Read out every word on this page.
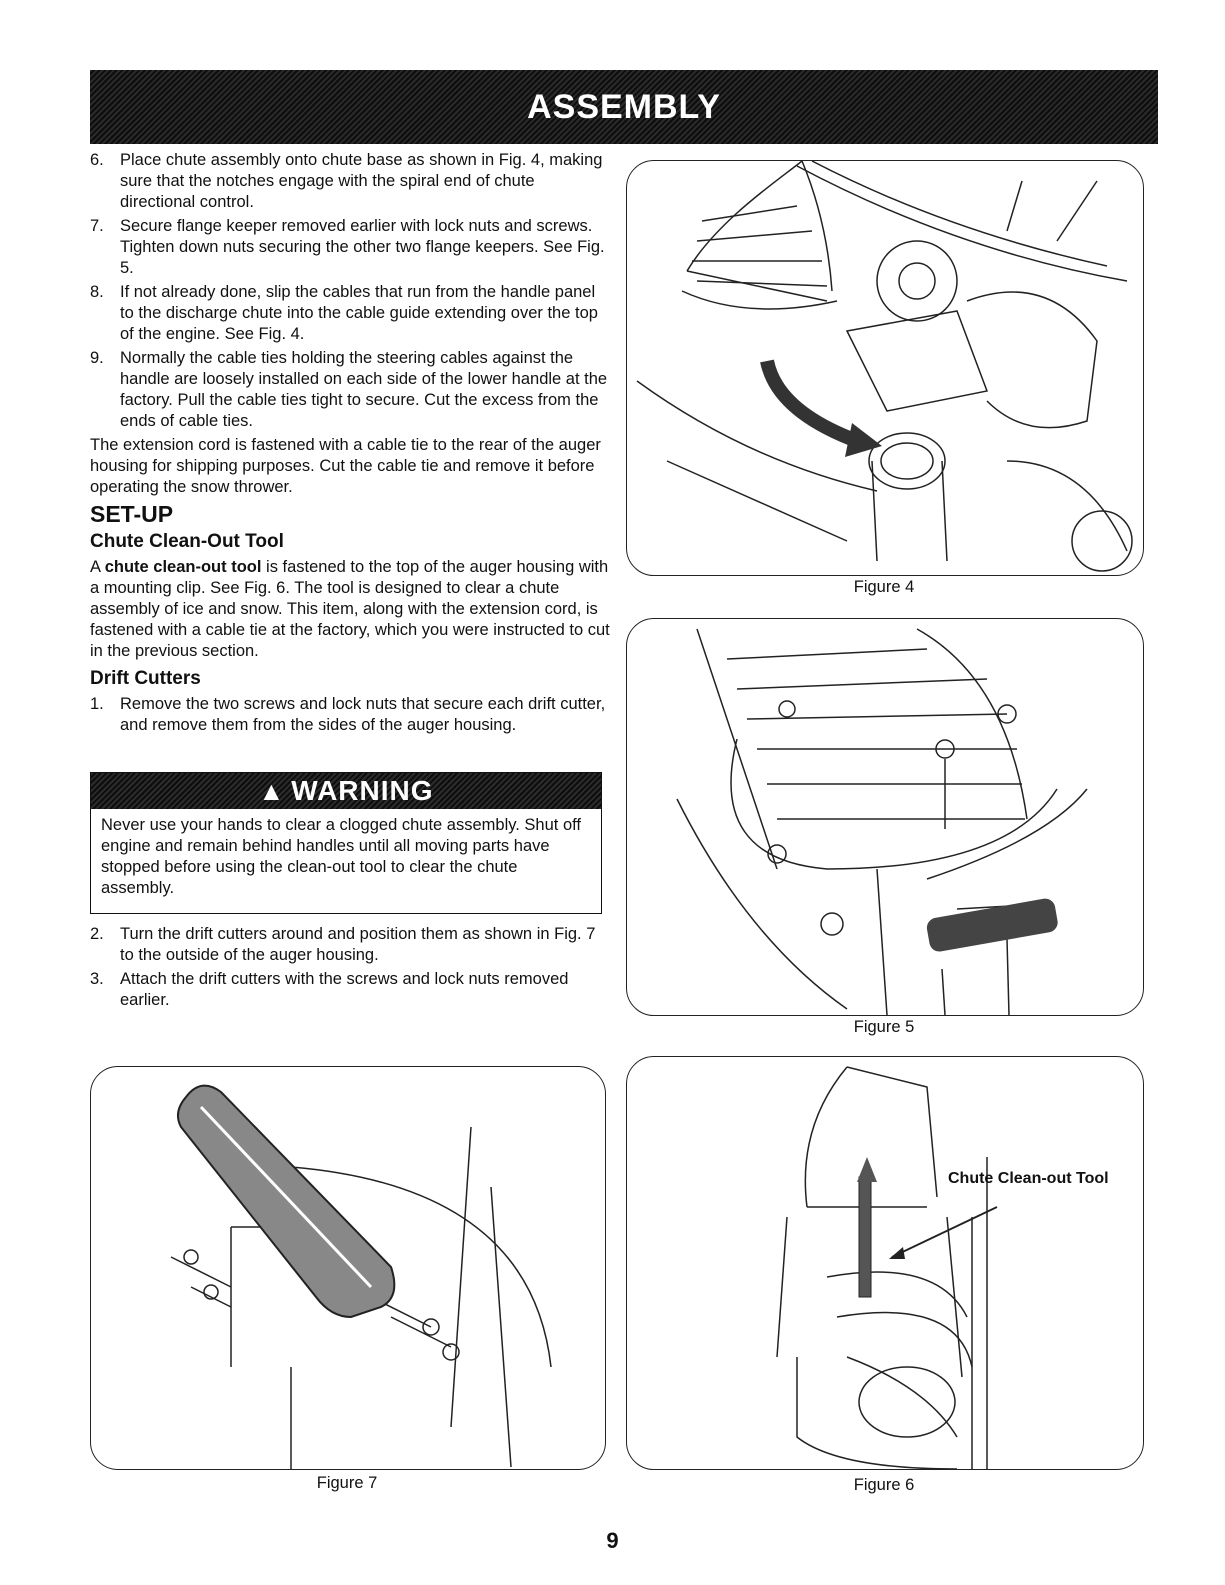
ASSEMBLY
6. Place chute assembly onto chute base as shown in Fig. 4, making sure that the notches engage with the spiral end of chute directional control.
7. Secure flange keeper removed earlier with lock nuts and screws. Tighten down nuts securing the other two flange keepers. See Fig. 5.
8. If not already done, slip the cables that run from the handle panel to the discharge chute into the cable guide extending over the top of the engine. See Fig. 4.
9. Normally the cable ties holding the steering cables against the handle are loosely installed on each side of the lower handle at the factory. Pull the cable ties tight to secure. Cut the excess from the ends of cable ties.

The extension cord is fastened with a cable tie to the rear of the auger housing for shipping purposes. Cut the cable tie and remove it before operating the snow thrower.

SET-UP
Chute Clean-Out Tool

A chute clean-out tool is fastened to the top of the auger housing with a mounting clip. See Fig. 6. The tool is designed to clear a chute assembly of ice and snow. This item, along with the extension cord, is fastened with a cable tie at the factory, which you were instructed to cut in the previous section.

Drift Cutters
1. Remove the two screws and lock nuts that secure each drift cutter, and remove them from the sides of the auger housing.
▲ WARNING
Never use your hands to clear a clogged chute assembly. Shut off engine and remain behind handles until all moving parts have stopped before using the clean-out tool to clear the chute assembly.
2. Turn the drift cutters around and position them as shown in Fig. 7 to the outside of the auger housing.
3. Attach the drift cutters with the screws and lock nuts removed earlier.
Figure 4
Figure 5
Figure 7
Chute Clean-out Tool
Figure 6
9
